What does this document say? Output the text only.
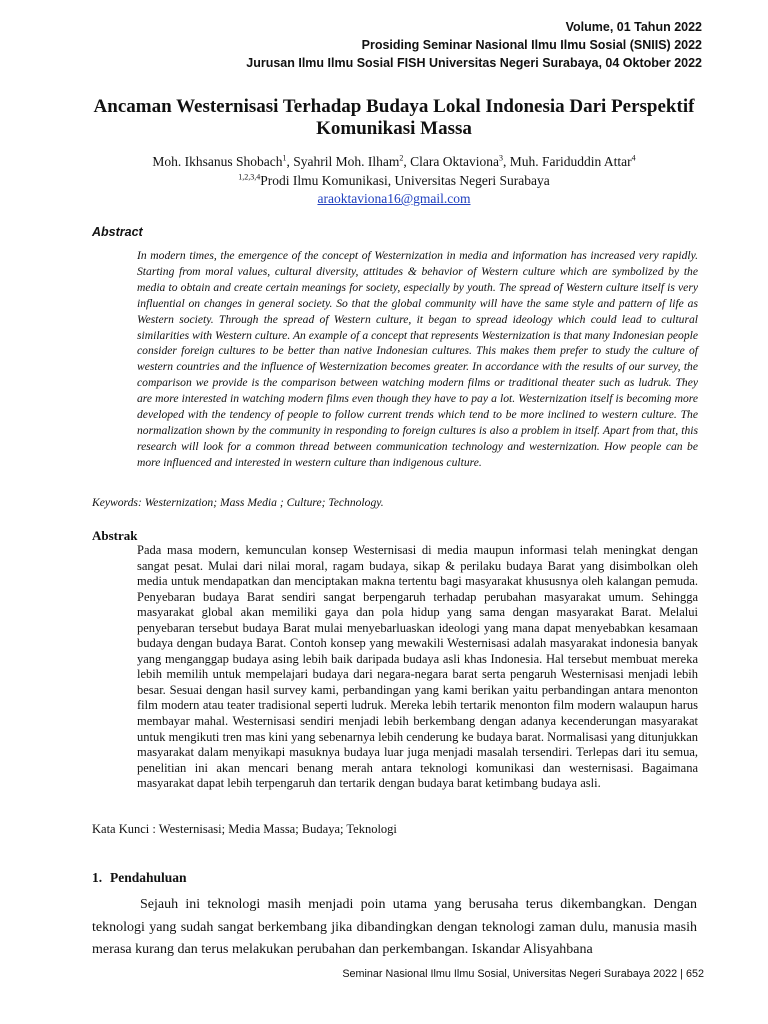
Volume, 01 Tahun 2022
Prosiding Seminar Nasional Ilmu Ilmu Sosial (SNIIS) 2022
Jurusan Ilmu Ilmu Sosial FISH Universitas Negeri Surabaya, 04 Oktober 2022
Ancaman Westernisasi Terhadap Budaya Lokal Indonesia Dari Perspektif Komunikasi Massa
Moh. Ikhsanus Shobach$^1$, Syahril Moh. Ilham$^2$, Clara Oktaviona$^3$, Muh. Fariduddin Attar$^4$
$^{1,2,3,4}$Prodi Ilmu Komunikasi, Universitas Negeri Surabaya
araoktaviona16@gmail.com
Abstract
In modern times, the emergence of the concept of Westernization in media and information has increased very rapidly. Starting from moral values, cultural diversity, attitudes & behavior of Western culture which are symbolized by the media to obtain and create certain meanings for society, especially by youth. The spread of Western culture itself is very influential on changes in general society. So that the global community will have the same style and pattern of life as Western society. Through the spread of Western culture, it began to spread ideology which could lead to cultural similarities with Western culture. An example of a concept that represents Westernization is that many Indonesian people consider foreign cultures to be better than native Indonesian cultures. This makes them prefer to study the culture of western countries and the influence of Westernization becomes greater. In accordance with the results of our survey, the comparison we provide is the comparison between watching modern films or traditional theater such as ludruk. They are more interested in watching modern films even though they have to pay a lot. Westernization itself is becoming more developed with the tendency of people to follow current trends which tend to be more inclined to western culture. The normalization shown by the community in responding to foreign cultures is also a problem in itself. Apart from that, this research will look for a common thread between communication technology and westernization. How people can be more influenced and interested in western culture than indigenous culture.
Keywords: Westernization; Mass Media ; Culture; Technology.
Abstrak
Pada masa modern, kemunculan konsep Westernisasi di media maupun informasi telah meningkat dengan sangat pesat. Mulai dari nilai moral, ragam budaya, sikap & perilaku budaya Barat yang disimbolkan oleh media untuk mendapatkan dan menciptakan makna tertentu bagi masyarakat khususnya oleh kalangan pemuda. Penyebaran budaya Barat sendiri sangat berpengaruh terhadap perubahan masyarakat umum. Sehingga masyarakat global akan memiliki gaya dan pola hidup yang sama dengan masyarakat Barat. Melalui penyebaran tersebut budaya Barat mulai menyebarluaskan ideologi yang mana dapat menyebabkan kesamaan budaya dengan budaya Barat. Contoh konsep yang mewakili Westernisasi adalah masyarakat indonesia banyak yang menganggap budaya asing lebih baik daripada budaya asli khas Indonesia. Hal tersebut membuat mereka lebih memilih untuk mempelajari budaya dari negara-negara barat serta pengaruh Westernisasi menjadi lebih besar. Sesuai dengan hasil survey kami, perbandingan yang kami berikan yaitu perbandingan antara menonton film modern atau teater tradisional seperti ludruk. Mereka lebih tertarik menonton film modern walaupun harus membayar mahal. Westernisasi sendiri menjadi lebih berkembang dengan adanya kecenderungan masyarakat untuk mengikuti tren mas kini yang sebenarnya lebih cenderung ke budaya barat. Normalisasi yang ditunjukkan masyarakat dalam menyikapi masuknya budaya luar juga menjadi masalah tersendiri. Terlepas dari itu semua, penelitian ini akan mencari benang merah antara teknologi komunikasi dan westernisasi. Bagaimana masyarakat dapat lebih terpengaruh dan tertarik dengan budaya barat ketimbang budaya asli.
Kata Kunci : Westernisasi; Media Massa; Budaya; Teknologi
1. Pendahuluan
Sejauh ini teknologi masih menjadi poin utama yang berusaha terus dikembangkan. Dengan teknologi yang sudah sangat berkembang jika dibandingkan dengan teknologi zaman dulu, manusia masih merasa kurang dan terus melakukan perubahan dan perkembangan. Iskandar Alisyahbana
Seminar Nasional Ilmu Ilmu Sosial, Universitas Negeri Surabaya 2022 | 652
